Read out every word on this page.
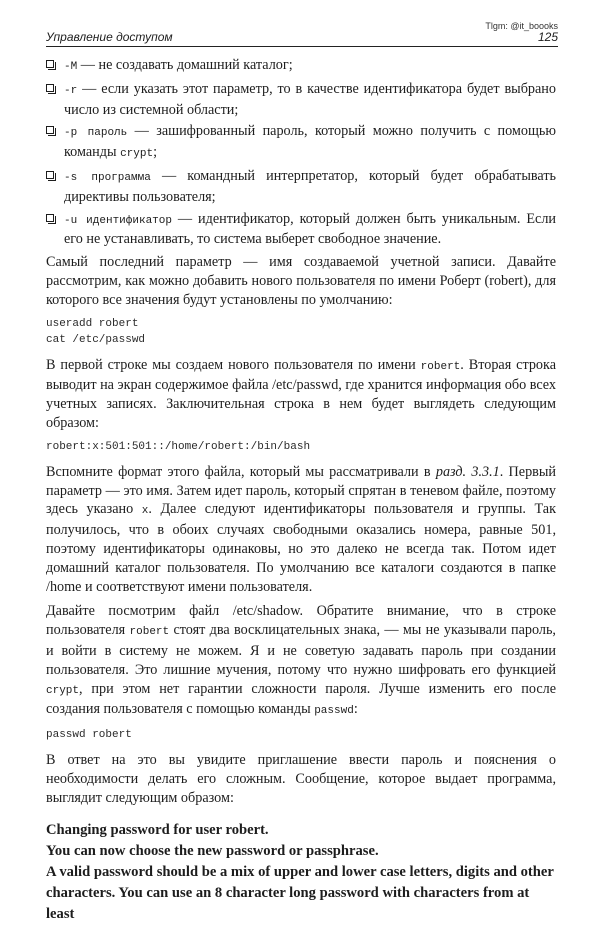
Tlgm: @it_boooks
Управление доступом	125
-M — не создавать домашний каталог;
-r — если указать этот параметр, то в качестве идентификатора будет выбрано число из системной области;
-p пароль — зашифрованный пароль, который можно получить с помощью команды crypt;
-s программа — командный интерпретатор, который будет обрабатывать директивы пользователя;
-u идентификатор — идентификатор, который должен быть уникальным. Если его не устанавливать, то система выберет свободное значение.

Самый последний параметр — имя создаваемой учетной записи. Давайте рассмотрим, как можно добавить нового пользователя по имени Роберт (robert), для которого все значения будут установлены по умолчанию:

useradd robert
cat /etc/passwd

В первой строке мы создаем нового пользователя по имени robert. Вторая строка выводит на экран содержимое файла /etc/passwd, где хранится информация обо всех учетных записях. Заключительная строка в нем будет выглядеть следующим образом:

robert:x:501:501::/home/robert:/bin/bash

Вспомните формат этого файла, который мы рассматривали в разд. 3.3.1. Первый параметр — это имя. Затем идет пароль, который спрятан в теневом файле, поэтому здесь указано x. Далее следуют идентификаторы пользователя и группы. Так получилось, что в обоих случаях свободными оказались номера, равные 501, поэтому идентификаторы одинаковы, но это далеко не всегда так. Потом идет домашний каталог пользователя. По умолчанию все каталоги создаются в папке /home и соответствуют имени пользователя.

Давайте посмотрим файл /etc/shadow. Обратите внимание, что в строке пользователя robert стоят два восклицательных знака, — мы не указывали пароль, и войти в систему не можем. Я и не советую задавать пароль при создании пользователя. Это лишние мучения, потому что нужно шифровать его функцией crypt, при этом нет гарантии сложности пароля. Лучше изменить его после создания пользователя с помощью команды passwd:

passwd robert

В ответ на это вы увидите приглашение ввести пароль и пояснения о необходимости делать его сложным. Сообщение, которое выдает программа, выглядит следующим образом:

Changing password for user robert.
You can now choose the new password or passphrase.
A valid password should be a mix of upper and lower case letters, digits and other characters. You can use an 8 character long password with characters from at least
